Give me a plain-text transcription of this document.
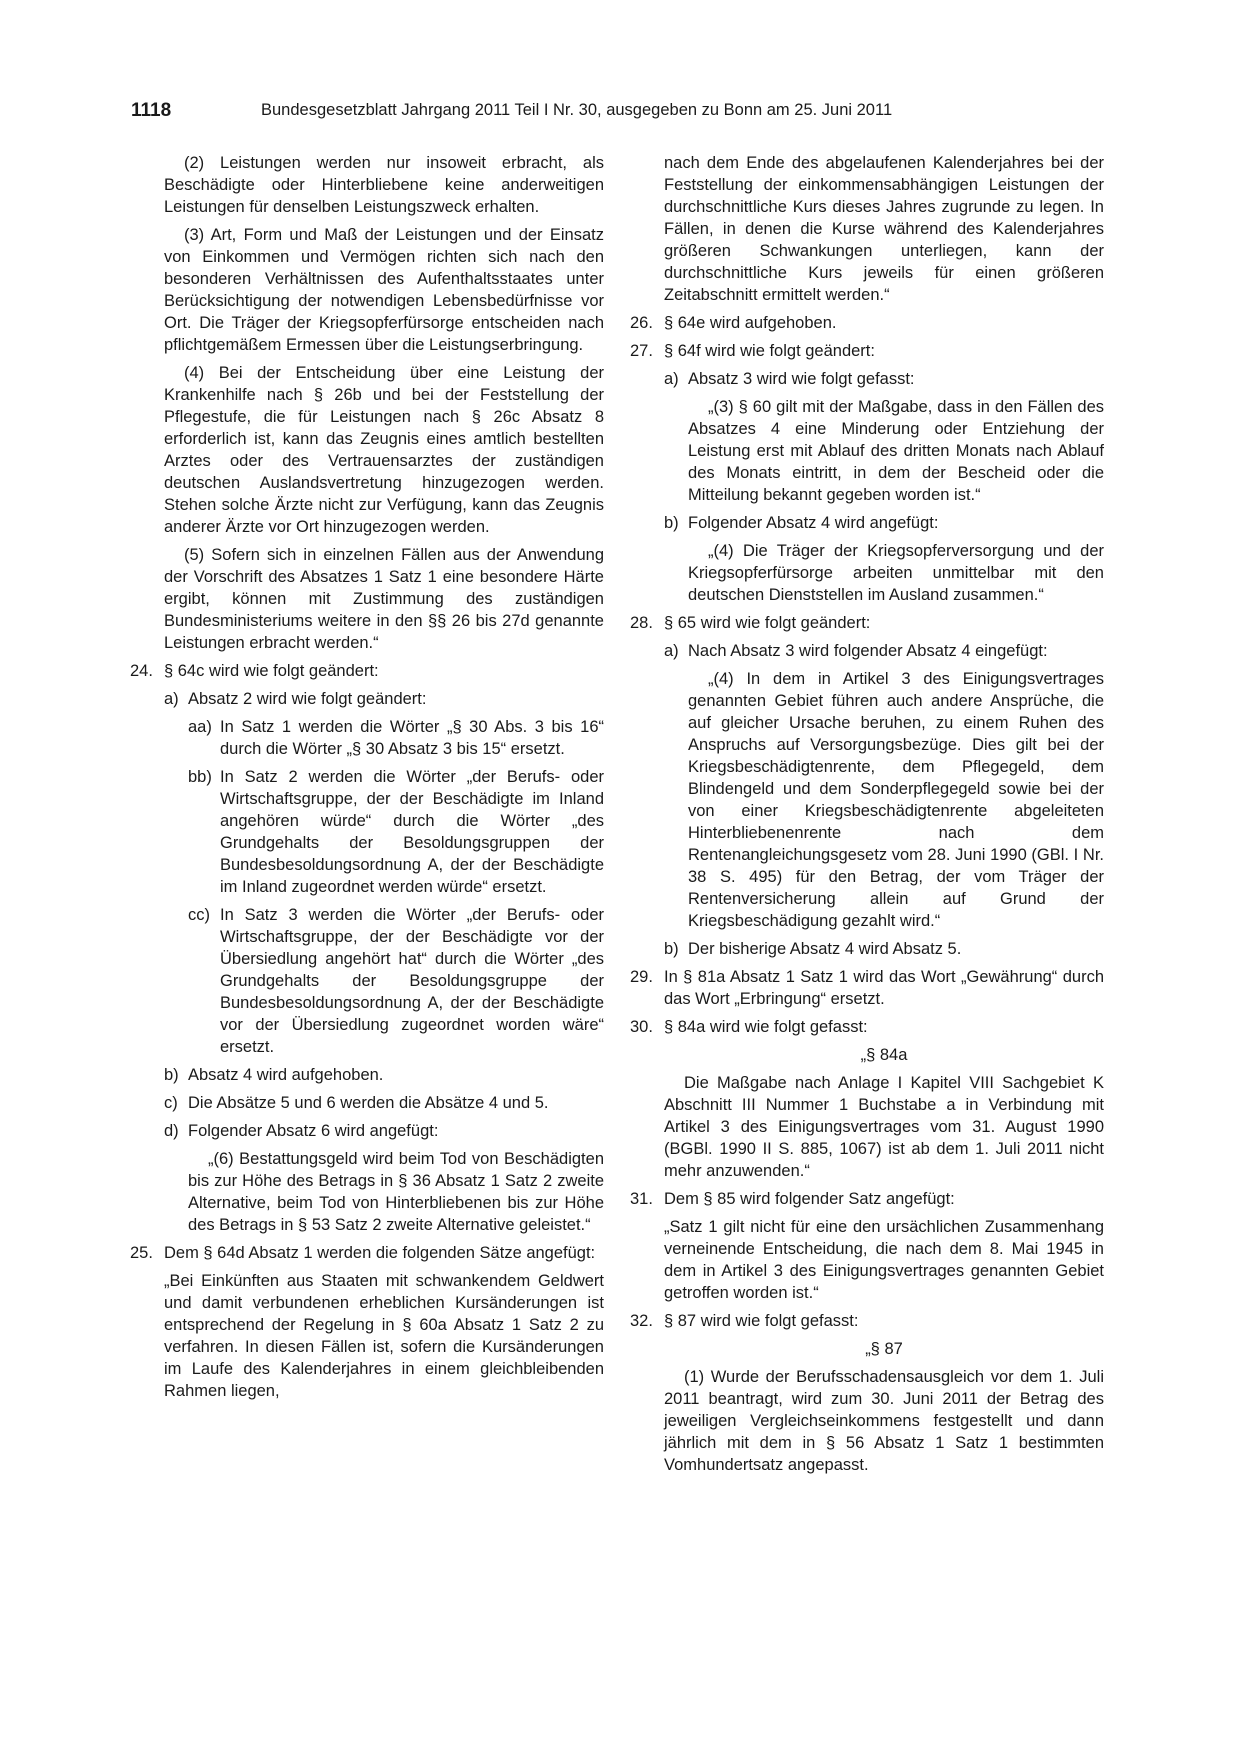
1118	Bundesgesetzblatt Jahrgang 2011 Teil I Nr. 30, ausgegeben zu Bonn am 25. Juni 2011

(2) Leistungen werden nur insoweit erbracht, als Beschädigte oder Hinterbliebene keine anderweitigen Leistungen für denselben Leistungszweck erhalten.

(3) Art, Form und Maß der Leistungen und der Einsatz von Einkommen und Vermögen richten sich nach den besonderen Verhältnissen des Aufenthaltsstaates unter Berücksichtigung der notwendigen Lebensbedürfnisse vor Ort. Die Träger der Kriegsopferfürsorge entscheiden nach pflichtgemäßem Ermessen über die Leistungserbringung.

(4) Bei der Entscheidung über eine Leistung der Krankenhilfe nach § 26b und bei der Feststellung der Pflegestufe, die für Leistungen nach § 26c Absatz 8 erforderlich ist, kann das Zeugnis eines amtlich bestellten Arztes oder des Vertrauensarztes der zuständigen deutschen Auslandsvertretung hinzugezogen werden. Stehen solche Ärzte nicht zur Verfügung, kann das Zeugnis anderer Ärzte vor Ort hinzugezogen werden.

(5) Sofern sich in einzelnen Fällen aus der Anwendung der Vorschrift des Absatzes 1 Satz 1 eine besondere Härte ergibt, können mit Zustimmung des zuständigen Bundesministeriums weitere in den §§ 26 bis 27d genannte Leistungen erbracht werden.“

24. § 64c wird wie folgt geändert:
a) Absatz 2 wird wie folgt geändert:
aa) In Satz 1 werden die Wörter „§ 30 Abs. 3 bis 16“ durch die Wörter „§ 30 Absatz 3 bis 15“ ersetzt.
bb) In Satz 2 werden die Wörter „der Berufs- oder Wirtschaftsgruppe, der der Beschädigte im Inland angehören würde“ durch die Wörter „des Grundgehalts der Besoldungsgruppen der Bundesbesoldungsordnung A, der der Beschädigte im Inland zugeordnet werden würde“ ersetzt.
cc) In Satz 3 werden die Wörter „der Berufs- oder Wirtschaftsgruppe, der der Beschädigte vor der Übersiedlung angehört hat“ durch die Wörter „des Grundgehalts der Besoldungsgruppe der Bundesbesoldungsordnung A, der der Beschädigte vor der Übersiedlung zugeordnet worden wäre“ ersetzt.
b) Absatz 4 wird aufgehoben.
c) Die Absätze 5 und 6 werden die Absätze 4 und 5.
d) Folgender Absatz 6 wird angefügt:

„(6) Bestattungsgeld wird beim Tod von Beschädigten bis zur Höhe des Betrags in § 36 Absatz 1 Satz 2 zweite Alternative, beim Tod von Hinterbliebenen bis zur Höhe des Betrags in § 53 Satz 2 zweite Alternative geleistet.“

25. Dem § 64d Absatz 1 werden die folgenden Sätze angefügt:

„Bei Einkünften aus Staaten mit schwankendem Geldwert und damit verbundenen erheblichen Kursänderungen ist entsprechend der Regelung in § 60a Absatz 1 Satz 2 zu verfahren. In diesen Fällen ist, sofern die Kursänderungen im Laufe des Kalenderjahres in einem gleichbleibenden Rahmen liegen,

nach dem Ende des abgelaufenen Kalenderjahres bei der Feststellung der einkommensabhängigen Leistungen der durchschnittliche Kurs dieses Jahres zugrunde zu legen. In Fällen, in denen die Kurse während des Kalenderjahres größeren Schwankungen unterliegen, kann der durchschnittliche Kurs jeweils für einen größeren Zeitabschnitt ermittelt werden.“

26. § 64e wird aufgehoben.
27. § 64f wird wie folgt geändert:
a) Absatz 3 wird wie folgt gefasst:

„(3) § 60 gilt mit der Maßgabe, dass in den Fällen des Absatzes 4 eine Minderung oder Entziehung der Leistung erst mit Ablauf des dritten Monats nach Ablauf des Monats eintritt, in dem der Bescheid oder die Mitteilung bekannt gegeben worden ist.“

b) Folgender Absatz 4 wird angefügt:

„(4) Die Träger der Kriegsopferversorgung und der Kriegsopferfürsorge arbeiten unmittelbar mit den deutschen Dienststellen im Ausland zusammen.“

28. § 65 wird wie folgt geändert:
a) Nach Absatz 3 wird folgender Absatz 4 eingefügt:

„(4) In dem in Artikel 3 des Einigungsvertrages genannten Gebiet führen auch andere Ansprüche, die auf gleicher Ursache beruhen, zu einem Ruhen des Anspruchs auf Versorgungsbezüge. Dies gilt bei der Kriegsbeschädigtenrente, dem Pflegegeld, dem Blindengeld und dem Sonderpflegegeld sowie bei der von einer Kriegsbeschädigtenrente abgeleiteten Hinterbliebenenrente nach dem Rentenangleichungsgesetz vom 28. Juni 1990 (GBl. I Nr. 38 S. 495) für den Betrag, der vom Träger der Rentenversicherung allein auf Grund der Kriegsbeschädigung gezahlt wird.“

b) Der bisherige Absatz 4 wird Absatz 5.
29. In § 81a Absatz 1 Satz 1 wird das Wort „Gewährung“ durch das Wort „Erbringung“ ersetzt.
30. § 84a wird wie folgt gefasst:

„§ 84a

Die Maßgabe nach Anlage I Kapitel VIII Sachgebiet K Abschnitt III Nummer 1 Buchstabe a in Verbindung mit Artikel 3 des Einigungsvertrages vom 31. August 1990 (BGBl. 1990 II S. 885, 1067) ist ab dem 1. Juli 2011 nicht mehr anzuwenden.“

31. Dem § 85 wird folgender Satz angefügt:

„Satz 1 gilt nicht für eine den ursächlichen Zusammenhang verneinende Entscheidung, die nach dem 8. Mai 1945 in dem in Artikel 3 des Einigungsvertrages genannten Gebiet getroffen worden ist.“

32. § 87 wird wie folgt gefasst:

„§ 87

(1) Wurde der Berufsschadensausgleich vor dem 1. Juli 2011 beantragt, wird zum 30. Juni 2011 der Betrag des jeweiligen Vergleichseinkommens festgestellt und dann jährlich mit dem in § 56 Absatz 1 Satz 1 bestimmten Vomhundertsatz angepasst.
